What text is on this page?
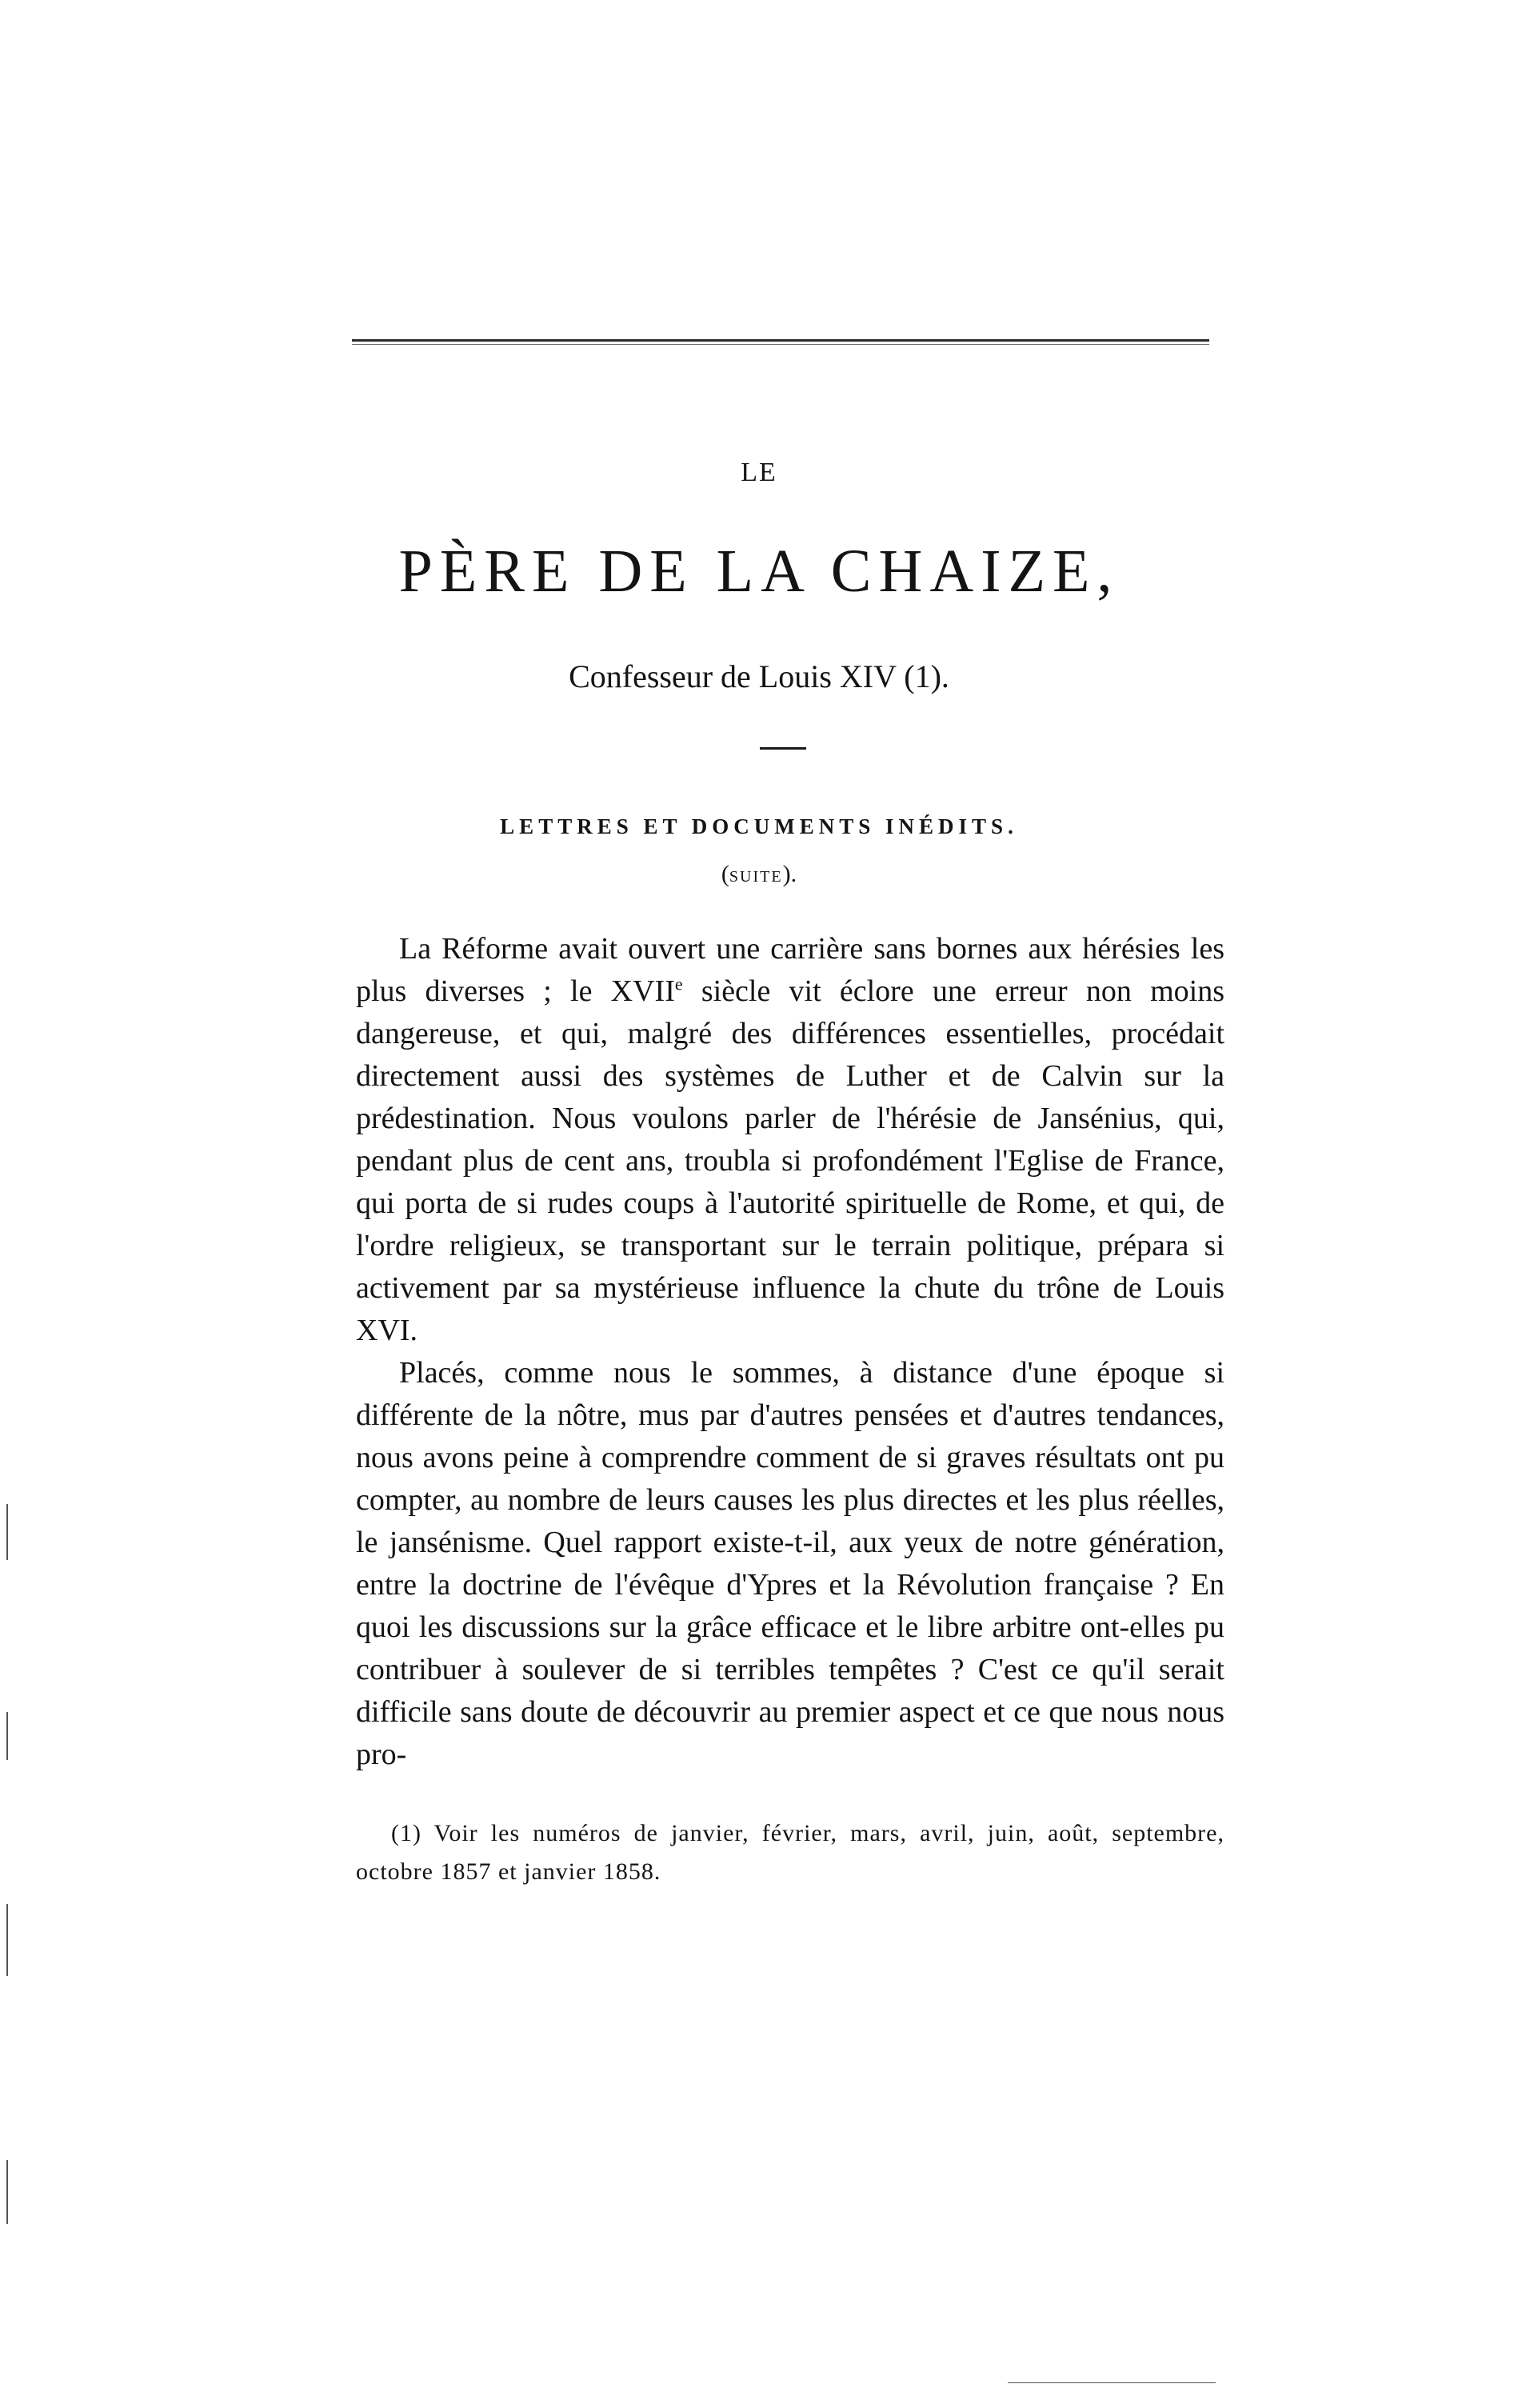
LE
PÈRE DE LA CHAIZE,
Confesseur de Louis XIV (1).
LETTRES ET DOCUMENTS INÉDITS.
(SUITE).

La Réforme avait ouvert une carrière sans bornes aux hérésies les plus diverses ; le XVIIe siècle vit éclore une erreur non moins dangereuse, et qui, malgré des différences essentielles, procédait directement aussi des systèmes de Luther et de Calvin sur la prédestination. Nous voulons parler de l'hérésie de Jansénius, qui, pendant plus de cent ans, troubla si profondément l'Eglise de France, qui porta de si rudes coups à l'autorité spirituelle de Rome, et qui, de l'ordre religieux, se transportant sur le terrain politique, prépara si activement par sa mystérieuse influence la chute du trône de Louis XVI.

Placés, comme nous le sommes, à distance d'une époque si différente de la nôtre, mus par d'autres pensées et d'autres tendances, nous avons peine à comprendre comment de si graves résultats ont pu compter, au nombre de leurs causes les plus directes et les plus réelles, le jansénisme. Quel rapport existe-t-il, aux yeux de notre génération, entre la doctrine de l'évêque d'Ypres et la Révolution française ? En quoi les discussions sur la grâce efficace et le libre arbitre ont-elles pu contribuer à soulever de si terribles tempêtes ? C'est ce qu'il serait difficile sans doute de découvrir au premier aspect et ce que nous nous pro-

(1) Voir les numéros de janvier, février, mars, avril, juin, août, septembre, octobre 1857 et janvier 1858.
